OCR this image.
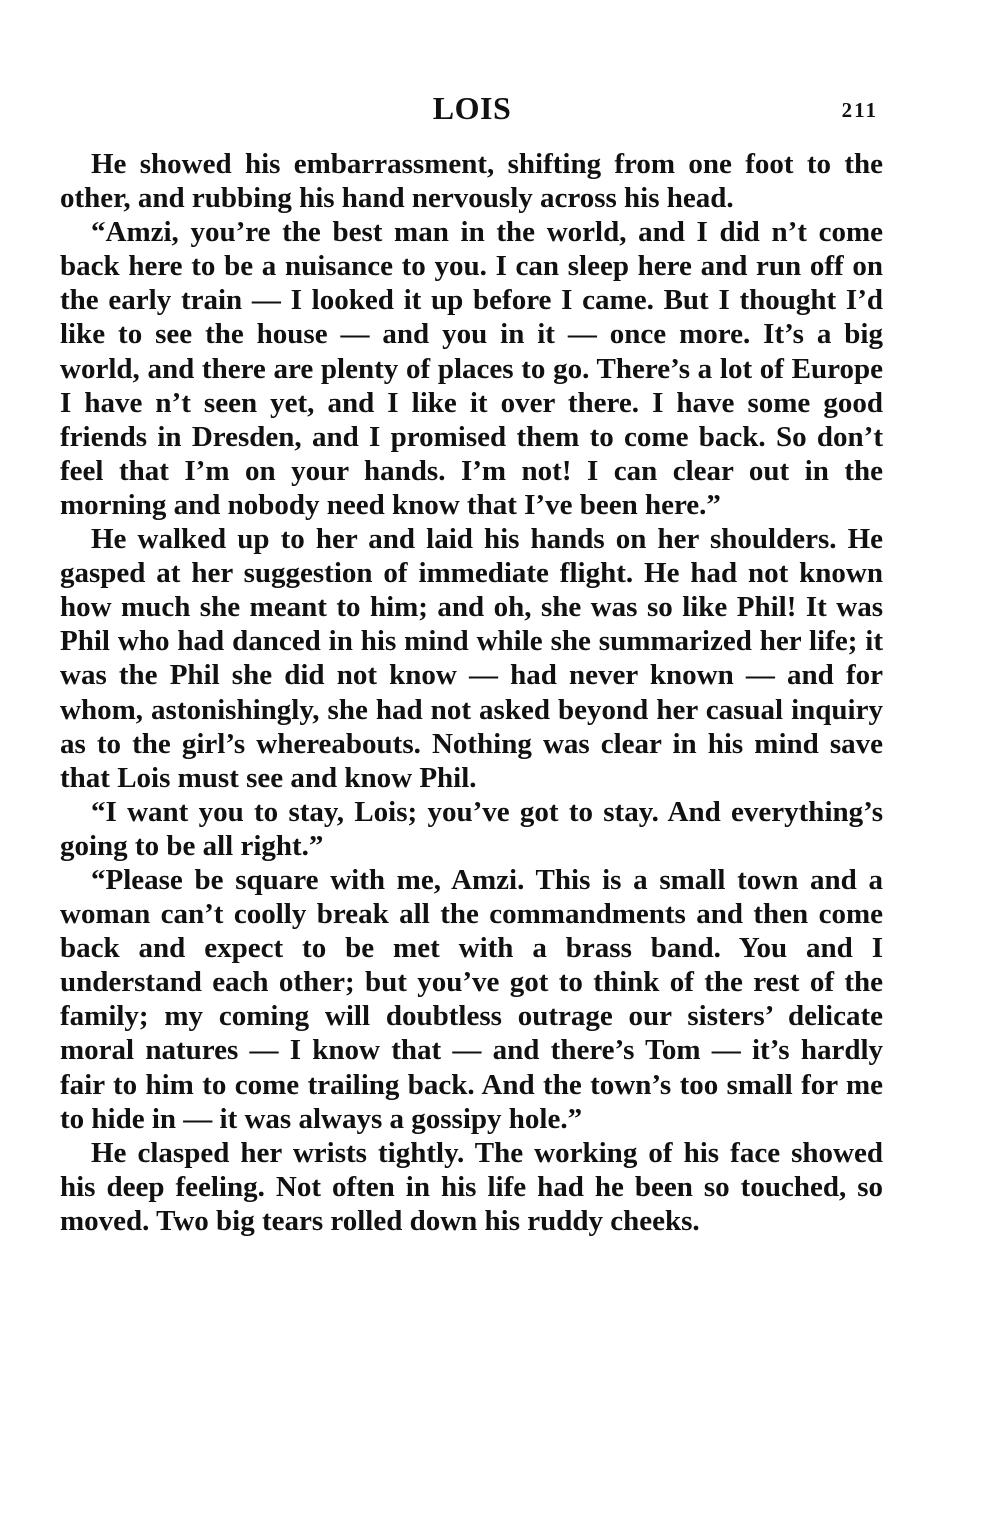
LOIS	211

He showed his embarrassment, shifting from one foot to the other, and rubbing his hand nervously across his head.

“Amzi, you’re the best man in the world, and I did n’t come back here to be a nuisance to you. I can sleep here and run off on the early train — I looked it up before I came. But I thought I’d like to see the house — and you in it — once more. It’s a big world, and there are plenty of places to go. There’s a lot of Europe I have n’t seen yet, and I like it over there. I have some good friends in Dresden, and I promised them to come back. So don’t feel that I’m on your hands. I’m not! I can clear out in the morning and nobody need know that I’ve been here.”

He walked up to her and laid his hands on her shoulders. He gasped at her suggestion of immediate flight. He had not known how much she meant to him; and oh, she was so like Phil! It was Phil who had danced in his mind while she summarized her life; it was the Phil she did not know — had never known — and for whom, astonishingly, she had not asked beyond her casual inquiry as to the girl’s whereabouts. Nothing was clear in his mind save that Lois must see and know Phil.

“I want you to stay, Lois; you’ve got to stay. And everything’s going to be all right.”

“Please be square with me, Amzi. This is a small town and a woman can’t coolly break all the commandments and then come back and expect to be met with a brass band. You and I understand each other; but you’ve got to think of the rest of the family; my coming will doubtless outrage our sisters’ delicate moral natures — I know that — and there’s Tom — it’s hardly fair to him to come trailing back. And the town’s too small for me to hide in — it was always a gossipy hole.”

He clasped her wrists tightly. The working of his face showed his deep feeling. Not often in his life had he been so touched, so moved. Two big tears rolled down his ruddy cheeks.
